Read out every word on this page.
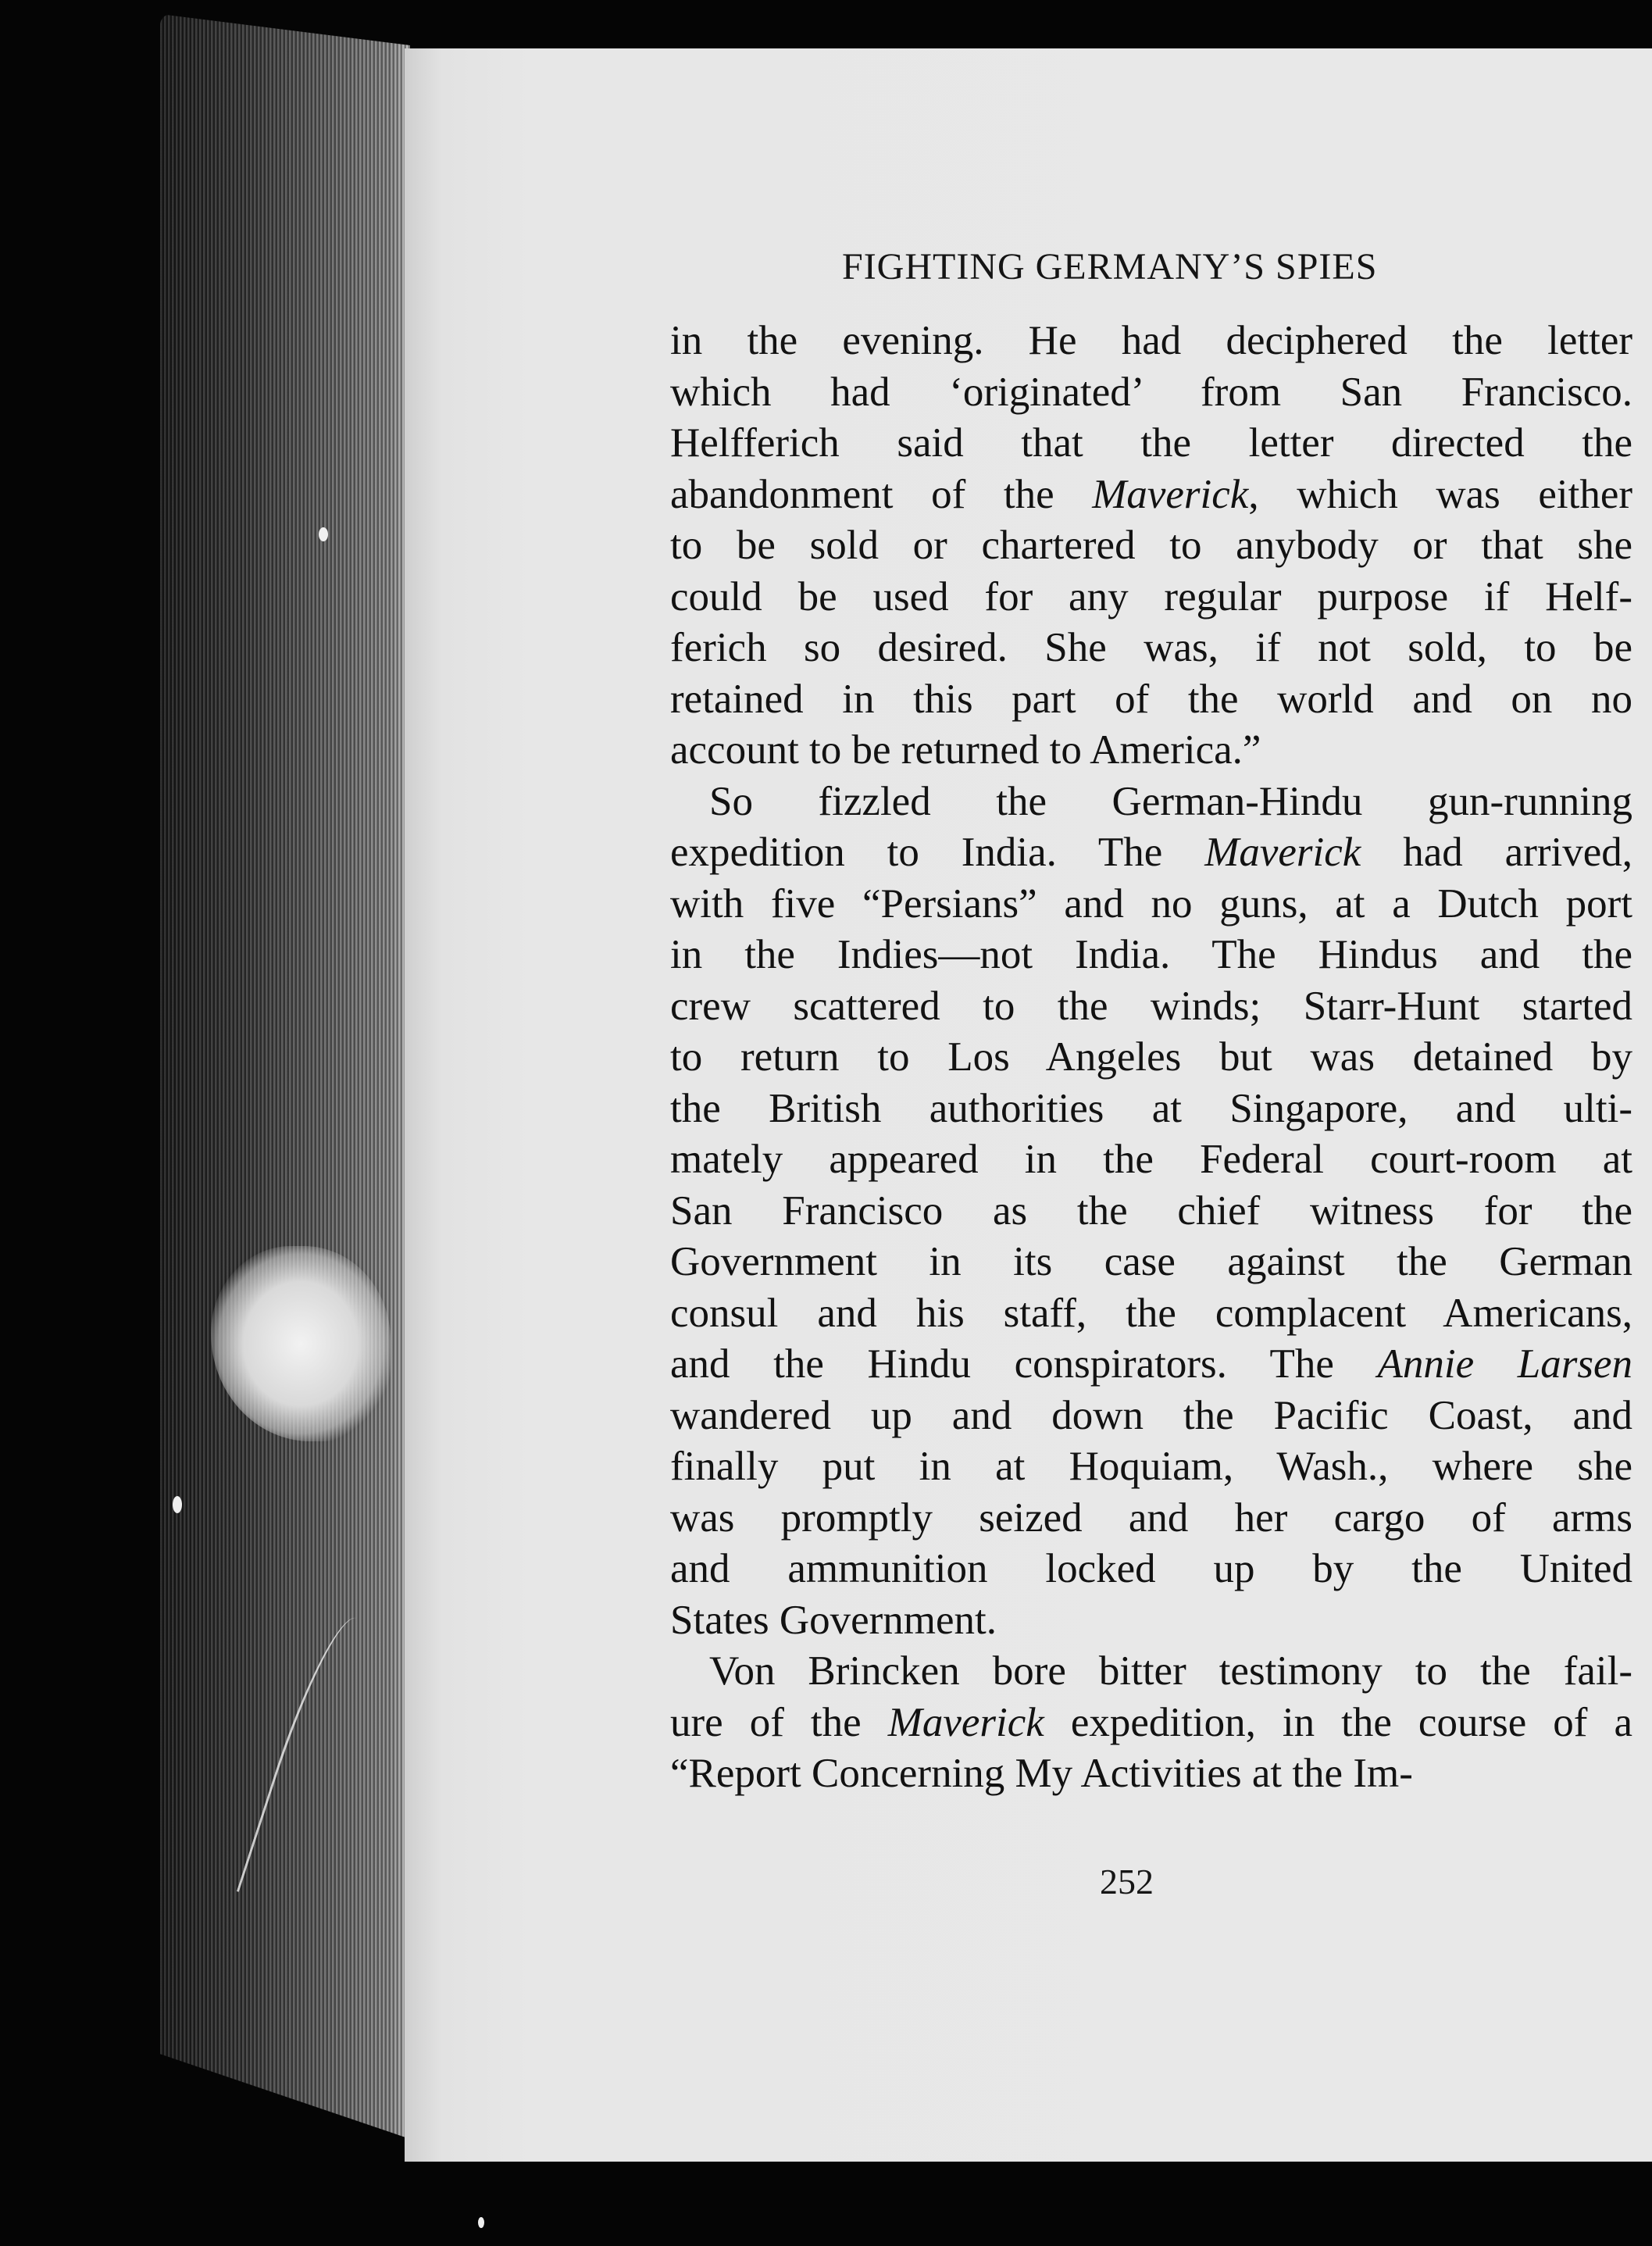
FIGHTING GERMANY’S SPIES
in the evening. He had deciphered the letter
which had ‘originated’ from San Francisco.
Helfferich said that the letter directed the
abandonment of the Maverick, which was either
to be sold or chartered to anybody or that she
could be used for any regular purpose if Helf-
ferich so desired. She was, if not sold, to be
retained in this part of the world and on no
account to be returned to America.”
So fizzled the German-Hindu gun-running
expedition to India. The Maverick had arrived,
with five “Persians” and no guns, at a Dutch port
in the Indies—not India. The Hindus and the
crew scattered to the winds; Starr-Hunt started
to return to Los Angeles but was detained by
the British authorities at Singapore, and ulti-
mately appeared in the Federal court-room at
San Francisco as the chief witness for the
Government in its case against the German
consul and his staff, the complacent Americans,
and the Hindu conspirators. The Annie Larsen
wandered up and down the Pacific Coast, and
finally put in at Hoquiam, Wash., where she
was promptly seized and her cargo of arms
and ammunition locked up by the United
States Government.
Von Brincken bore bitter testimony to the fail-
ure of the Maverick expedition, in the course of a
“Report Concerning My Activities at the Im-
252
